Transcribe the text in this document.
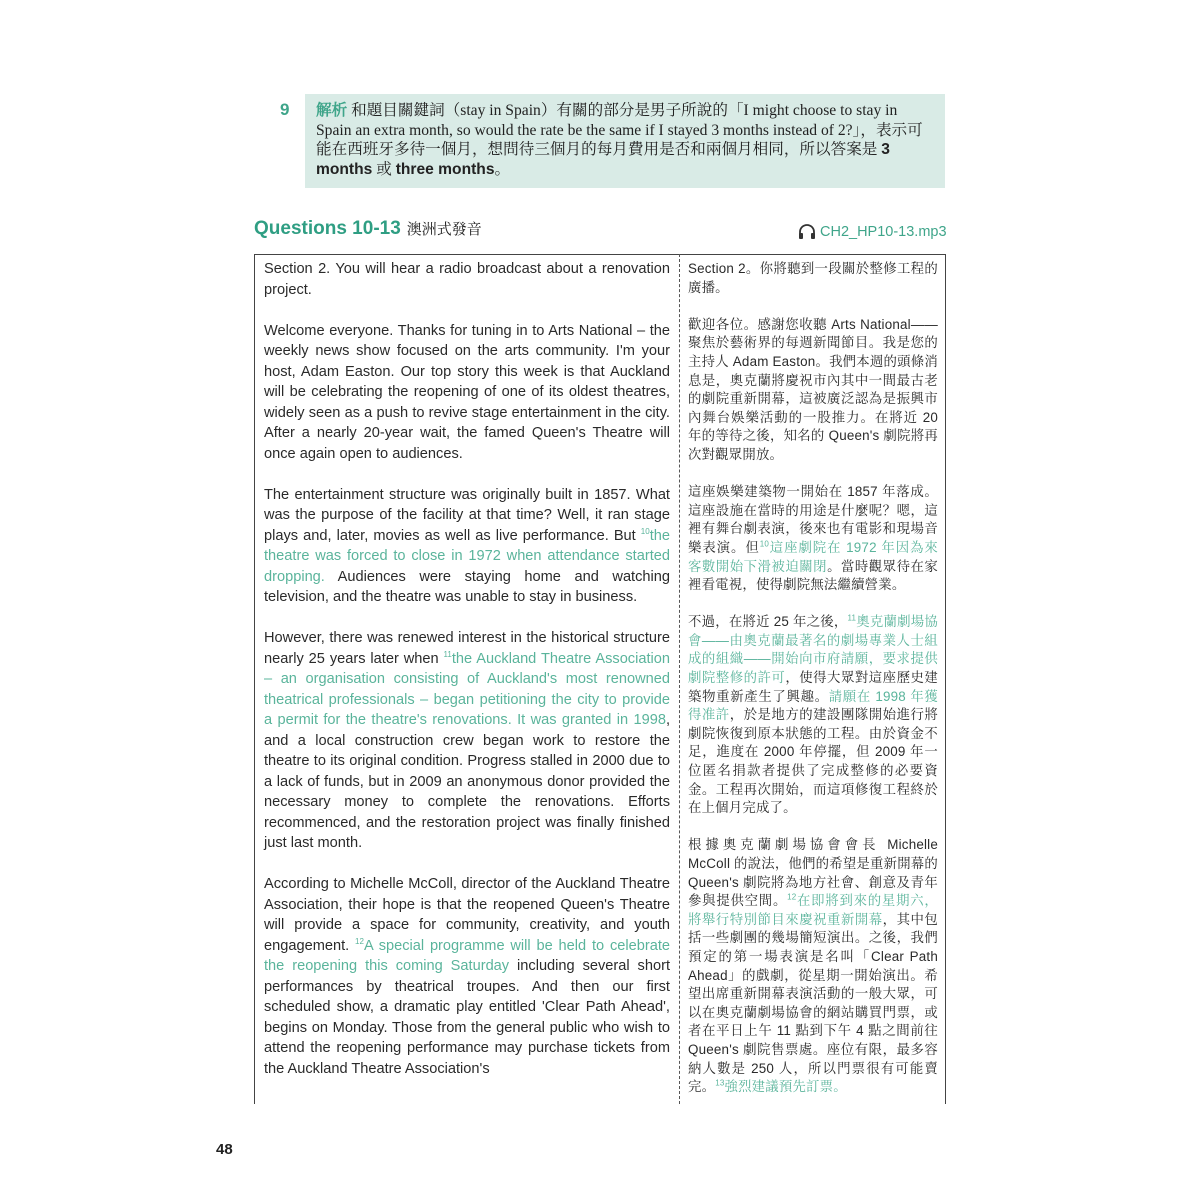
9 解析 和題目關鍵詞（stay in Spain）有關的部分是男子所說的「I might choose to stay in Spain an extra month, so would the rate be the same if I stayed 3 months instead of 2?」，表示可能在西班牙多待一個月，想問待三個月的每月費用是否和兩個月相同，所以答案是 3 months 或 three months。

Questions 10-13 澳洲式發音	CH2_HP10-13.mp3

Section 2. You will hear a radio broadcast about a renovation project.

Welcome everyone. Thanks for tuning in to Arts National – the weekly news show focused on the arts community. I'm your host, Adam Easton. Our top story this week is that Auckland will be celebrating the reopening of one of its oldest theatres, widely seen as a push to revive stage entertainment in the city. After a nearly 20-year wait, the famed Queen's Theatre will once again open to audiences.

The entertainment structure was originally built in 1857. What was the purpose of the facility at that time? Well, it ran stage plays and, later, movies as well as live performance. But $^{10}$the theatre was forced to close in 1972 when attendance started dropping. Audiences were staying home and watching television, and the theatre was unable to stay in business.

However, there was renewed interest in the historical structure nearly 25 years later when $^{11}$the Auckland Theatre Association – an organisation consisting of Auckland's most renowned theatrical professionals – began petitioning the city to provide a permit for the theatre's renovations. It was granted in 1998, and a local construction crew began work to restore the theatre to its original condition. Progress stalled in 2000 due to a lack of funds, but in 2009 an anonymous donor provided the necessary money to complete the renovations. Efforts recommenced, and the restoration project was finally finished just last month.

According to Michelle McColl, director of the Auckland Theatre Association, their hope is that the reopened Queen's Theatre will provide a space for community, creativity, and youth engagement. $^{12}$A special programme will be held to celebrate the reopening this coming Saturday including several short performances by theatrical troupes. And then our first scheduled show, a dramatic play entitled 'Clear Path Ahead', begins on Monday. Those from the general public who wish to attend the reopening performance may purchase tickets from the Auckland Theatre Association's

Section 2。你將聽到一段關於整修工程的廣播。

歡迎各位。感謝您收聽 Arts National——聚焦於藝術界的每週新聞節目。我是您的主持人 Adam Easton。我們本週的頭條消息是，奧克蘭將慶祝市內其中一間最古老的劇院重新開幕，這被廣泛認為是振興市內舞台娛樂活動的一股推力。在將近 20 年的等待之後，知名的 Queen's 劇院將再次對觀眾開放。

這座娛樂建築物一開始在 1857 年落成。這座設施在當時的用途是什麼呢？嗯，這裡有舞台劇表演，後來也有電影和現場音樂表演。但$^{10}$這座劇院在 1972 年因為來客數開始下滑被迫關閉。當時觀眾待在家裡看電視，使得劇院無法繼續營業。

不過，在將近 25 年之後，$^{11}$奧克蘭劇場協會——由奧克蘭最著名的劇場專業人士組成的組織——開始向市府請願，要求提供劇院整修的許可，使得大眾對這座歷史建築物重新產生了興趣。請願在 1998 年獲得准許，於是地方的建設團隊開始進行將劇院恢復到原本狀態的工程。由於資金不足，進度在 2000 年停擺，但 2009 年一位匿名捐款者提供了完成整修的必要資金。工程再次開始，而這項修復工程終於在上個月完成了。

根據奧克蘭劇場協會會長 Michelle McColl 的說法，他們的希望是重新開幕的 Queen's 劇院將為地方社會、創意及青年參與提供空間。$^{12}$在即將到來的星期六，將舉行特別節目來慶祝重新開幕，其中包括一些劇團的幾場簡短演出。之後，我們預定的第一場表演是名叫「Clear Path Ahead」的戲劇，從星期一開始演出。希望出席重新開幕表演活動的一般大眾，可以在奧克蘭劇場協會的網站購買門票，或者在平日上午 11 點到下午 4 點之間前往 Queen's 劇院售票處。座位有限，最多容納人數是 250 人，所以門票很有可能賣完。$^{13}$強烈建議預先訂票。

48
